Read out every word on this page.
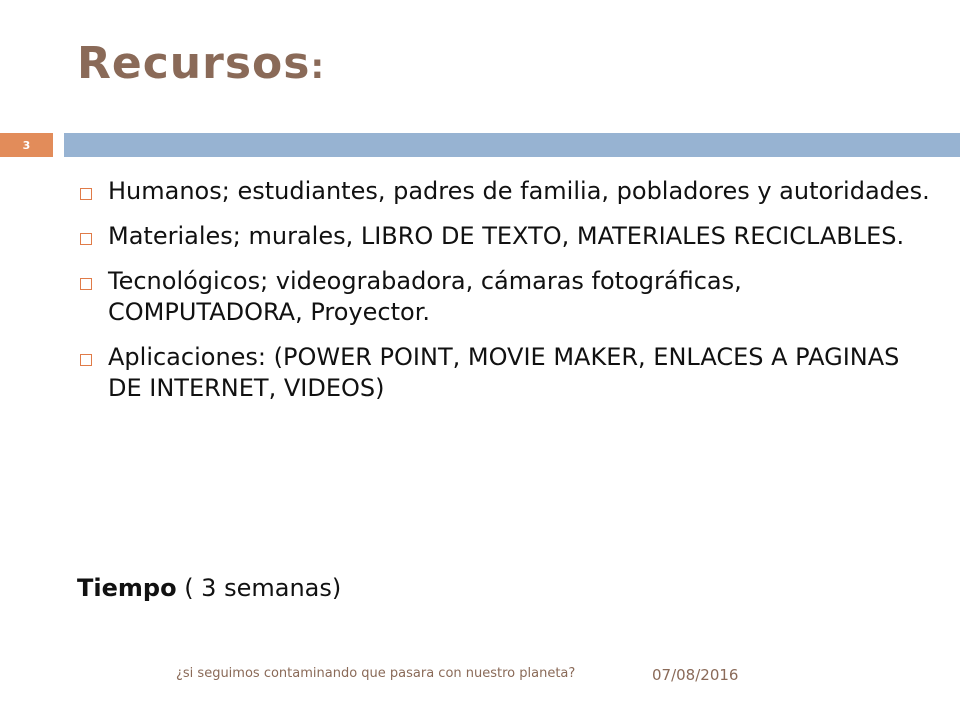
Recursos:
3
Humanos; estudiantes, padres de familia, pobladores y autoridades.
Materiales; murales, LIBRO DE TEXTO, MATERIALES RECICLABLES.
Tecnológicos; videograbadora, cámaras fotográficas, COMPUTADORA, Proyector.
Aplicaciones: (POWER POINT, MOVIE MAKER, ENLACES A PAGINAS DE INTERNET, VIDEOS)
Tiempo ( 3 semanas)
¿si seguimos contaminando que pasara con nuestro planeta?	07/08/2016
